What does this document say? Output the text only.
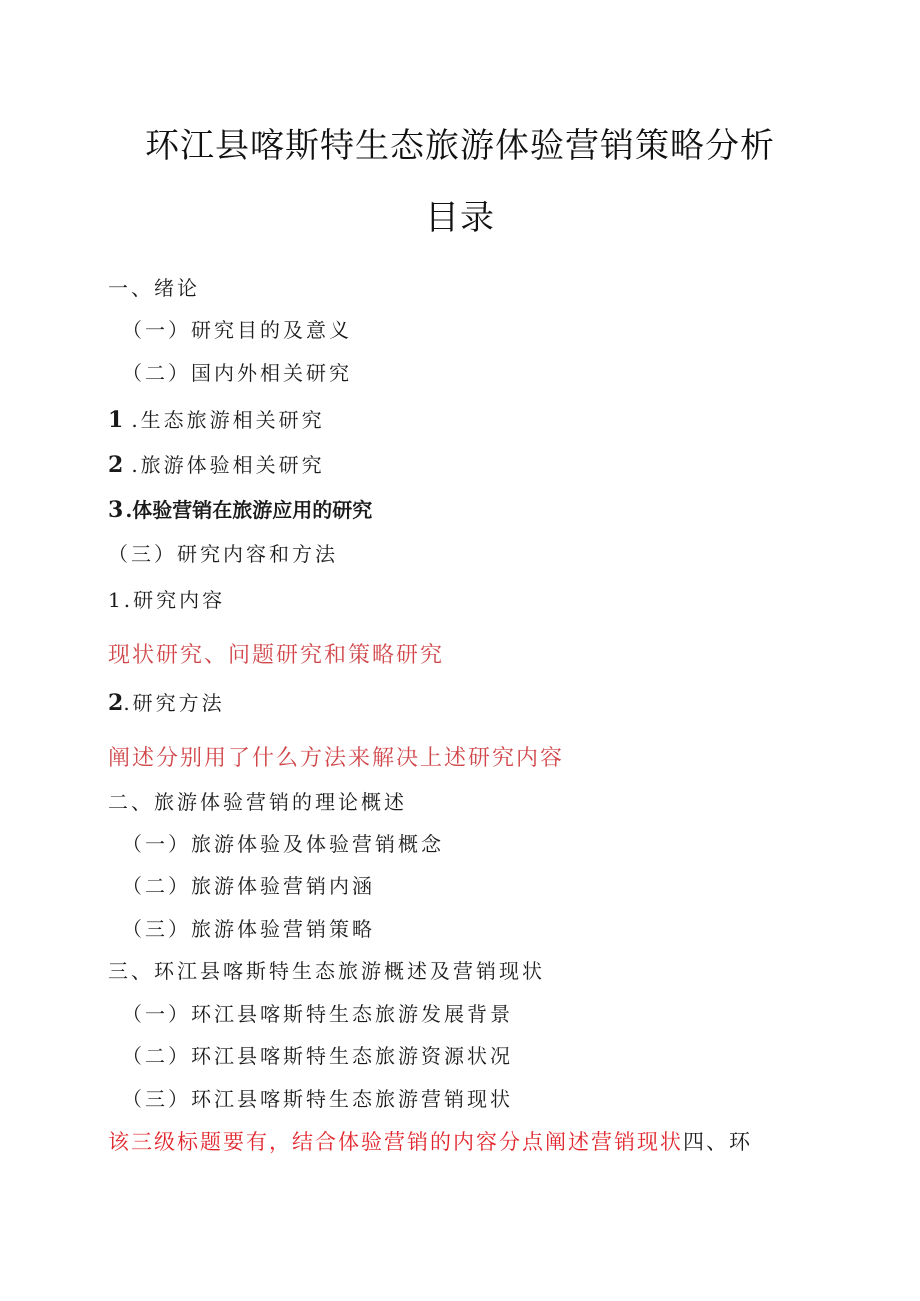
环江县喀斯特生态旅游体验营销策略分析
目录
一、绪论
（一）研究目的及意义
（二）国内外相关研究
1 .生态旅游相关研究
2 .旅游体验相关研究
3 .体验营销在旅游应用的研究
（三）研究内容和方法
1.研究内容
现状研究、问题研究和策略研究
2.研究方法
阐述分别用了什么方法来解决上述研究内容
二、旅游体验营销的理论概述
（一）旅游体验及体验营销概念
（二）旅游体验营销内涵
（三）旅游体验营销策略
三、环江县喀斯特生态旅游概述及营销现状
（一）环江县喀斯特生态旅游发展背景
（二）环江县喀斯特生态旅游资源状况
（三）环江县喀斯特生态旅游营销现状
该三级标题要有，结合体验营销的内容分点阐述营销现状四、环
